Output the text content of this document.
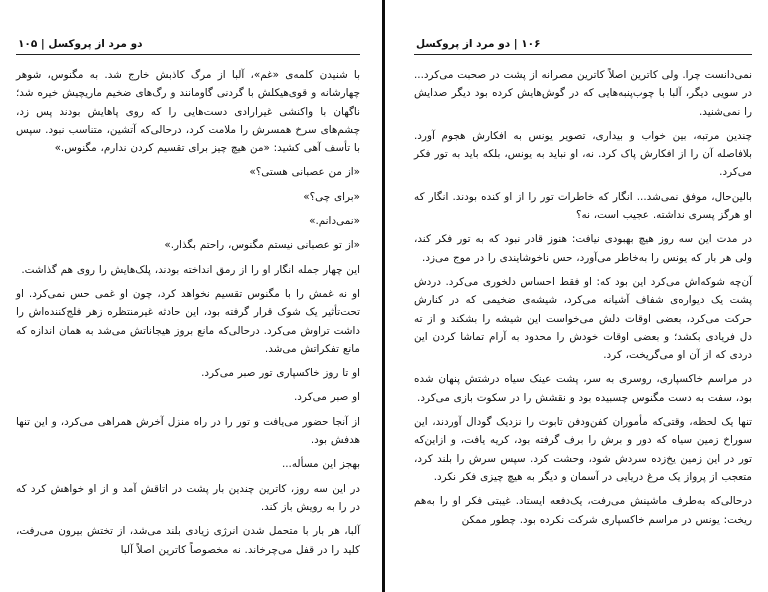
دو مرد از پروکسل | ۱۰۵

با شنیدن کلمه‌ی «غم»، آلبا از مرگ کاذبش خارج شد. به مگنوس، شوهر چهارشانه و قوی‌هیکلش با گردنی گاومانند و رگ‌های ضخیم ماریچیش خیره شد؛ ناگهان با واکنشی غیرارادی دست‌هایی را که روی پاهایش بودند پس زد، چشم‌های سرخ همسرش را ملامت کرد، درحالی‌که آتشین، متناسب نبود. سپس با تأسف آهی کشید: «من هیچ چیز برای تقسیم کردن ندارم، مگنوس.»

«از من عصبانی هستی؟»

«برای چی؟»

«نمی‌دانم.»

«از تو عصبانی نیستم مگنوس، راحتم بگذار.»

این چهار جمله انگار او را از رمق انداخته بودند، پلک‌هایش را روی هم گذاشت.

او نه غمش را با مگنوس تقسیم نخواهد کرد، چون او غمی حس نمی‌کرد. او تحت‌تأثیر یک شوک قرار گرفته بود، این حادثه غیرمنتظره زهر فلج‌کننده‌اش را داشت تراوش می‌کرد. درحالی‌که مانع بروز هیجاناتش می‌شد به همان اندازه که مانع تفکراتش می‌شد.

او تا روز خاکسپاری تور صبر می‌کرد.

او صبر می‌کرد.

از آنجا حضور می‌یافت و تور را در راه منزل آخرش همراهی می‌کرد، و این تنها هدفش بود.

بهجز این مسأله...

در این سه روز، کاترین چندین بار پشت در اتاقش آمد و از او خواهش کرد که در را به رویش باز کند.

آلبا، هر بار با متحمل شدن انرژی زیادی بلند می‌شد، از تختش بیرون می‌رفت، کلید را در قفل می‌چرخاند. نه مخصوصاً کاترین اصلاً آلبا

۱۰۶ | دو مرد از پروکسل

نمی‌دانست چرا. ولی کاترین اصلاً کاترین مصرانه از پشت در صحبت می‌کرد... در سویی دیگر، آلبا با چوب‌پنبه‌هایی که در گوش‌هایش کرده بود دیگر صدایش را نمی‌شنید.

چندین مرتبه، بین خواب و بیداری، تصویر یونس به افکارش هجوم آورد. بلافاصله آن را از افکارش پاک کرد. نه، او نباید به یونس، بلکه باید به تور فکر می‌کرد.

بالین‌حال، موفق نمی‌شد... انگار که خاطرات تور را از او کنده بودند. انگار که او هرگز پسری نداشته. عجیب است، نه؟

در مدت این سه روز هیچ بهبودی نیافت: هنوز قادر نبود که به تور فکر کند، ولی هر بار که یونس را به‌خاطر می‌آورد، حس ناخوشایندی را در موج می‌زد.

آن‌چه شوکه‌اش می‌کرد این بود که: او فقط احساس دلخوری می‌کرد. دردش پشت یک دیواره‌ی شفاف آشیانه می‌کرد، شیشه‌ی ضخیمی که در کنارش حرکت می‌کرد، بعضی اوقات دلش می‌خواست این شیشه را بشکند و از ته دل فریادی بکشد؛ و بعضی اوقات خودش را محدود به آرام تماشا کردن این دردی که از آن او می‌گریخت، کرد.

در مراسم خاکسپاری، روسری به سر، پشت عینک سیاه درشتش پنهان شده بود، سفت به دست مگنوس چسبیده بود و نقشش را در سکوت بازی می‌کرد.

تنها یک لحظه، وقتی‌که مأموران کفن‌ودفن تابوت را نزدیک گودال آوردند، این سوراخ زمین سیاه که دور و برش را برف گرفته بود، کریه یافت، و ازاین‌که تور در این زمین یخ‌زده سردش شود، وحشت کرد. سپس سرش را بلند کرد، متعجب از پرواز یک مرغ دریایی در آسمان و دیگر به هیچ چیزی فکر نکرد.

درحالی‌که به‌طرف ماشینش می‌رفت، یک‌دفعه ایستاد. غیبتی فکر او را به‌هم ریخت: یونس در مراسم خاکسپاری شرکت نکرده بود. چطور ممکن
